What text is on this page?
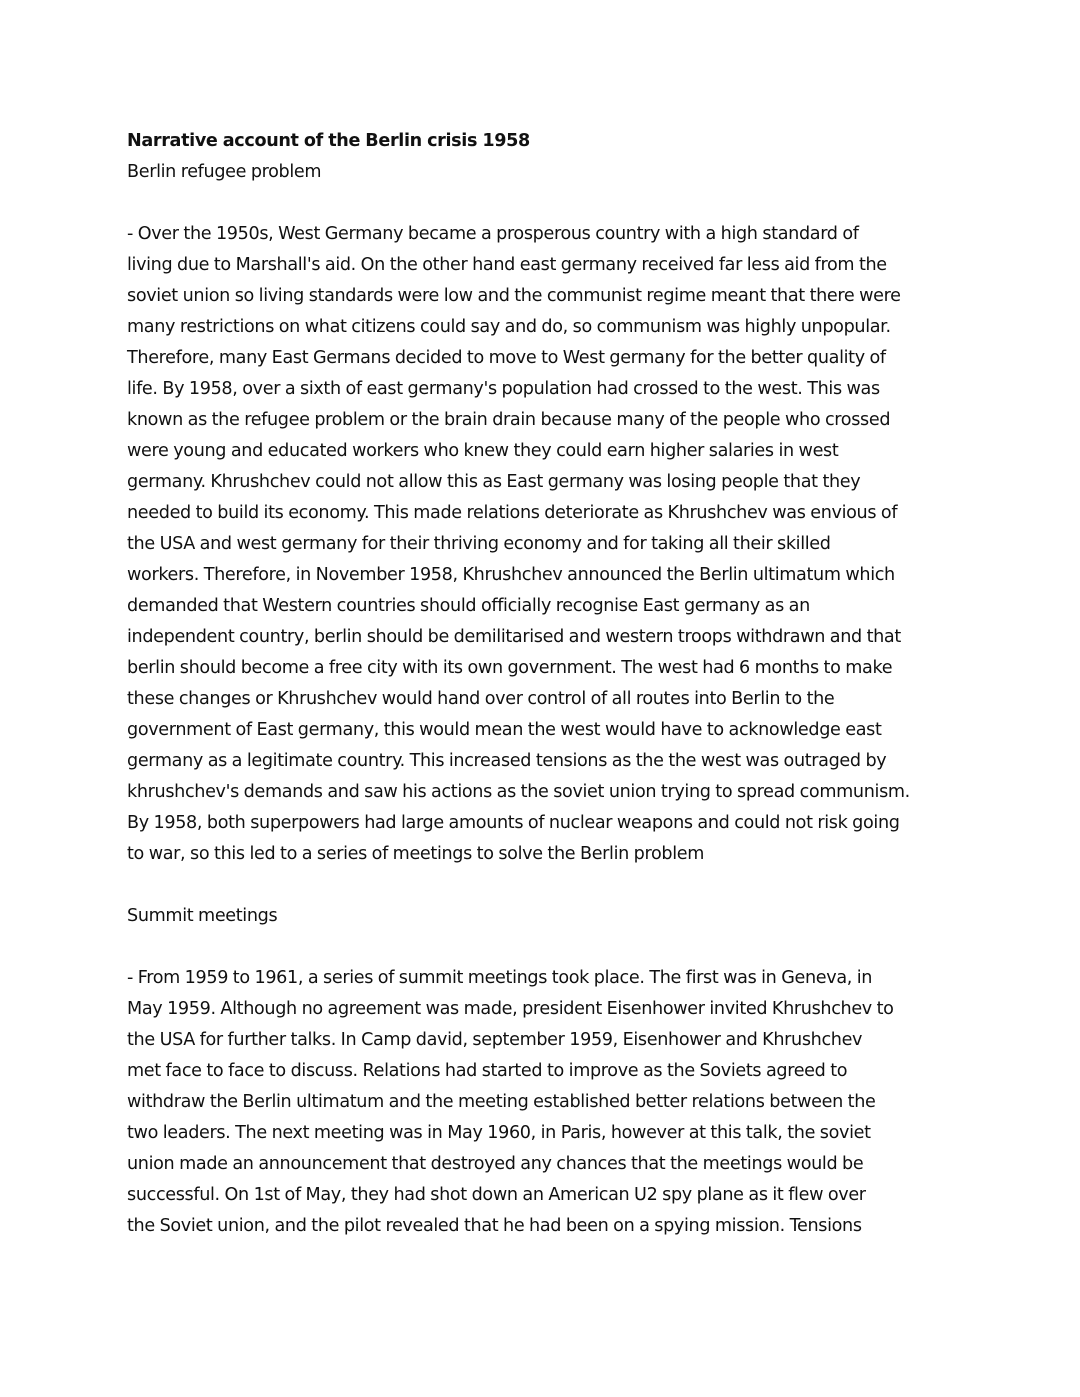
Narrative account of the Berlin crisis 1958
Berlin refugee problem
- Over the 1950s, West Germany became a prosperous country with a high standard of
living due to Marshall's aid. On the other hand east germany received far less aid from the
soviet union so living standards were low and the communist regime meant that there were
many restrictions on what citizens could say and do, so communism was highly unpopular.
Therefore, many East Germans decided to move to West germany for the better quality of
life. By 1958, over a sixth of east germany's population had crossed to the west. This was
known as the refugee problem or the brain drain because many of the people who crossed
were young and educated workers who knew they could earn higher salaries in west
germany. Khrushchev could not allow this as East germany was losing people that they
needed to build its economy. This made relations deteriorate as Khrushchev was envious of
the USA and west germany for their thriving economy and for taking all their skilled
workers. Therefore, in November 1958, Khrushchev announced the Berlin ultimatum which
demanded that Western countries should officially recognise East germany as an
independent country, berlin should be demilitarised and western troops withdrawn and that
berlin should become a free city with its own government. The west had 6 months to make
these changes or Khrushchev would hand over control of all routes into Berlin to the
government of East germany, this would mean the west would have to acknowledge east
germany as a legitimate country. This increased tensions as the the west was outraged by
khrushchev's demands and saw his actions as the soviet union trying to spread communism.
By 1958, both superpowers had large amounts of nuclear weapons and could not risk going
to war, so this led to a series of meetings to solve the Berlin problem
Summit meetings
- From 1959 to 1961, a series of summit meetings took place. The first was in Geneva, in
May 1959. Although no agreement was made, president Eisenhower invited Khrushchev to
the USA for further talks. In Camp david, september 1959, Eisenhower and Khrushchev
met face to face to discuss. Relations had started to improve as the Soviets agreed to
withdraw the Berlin ultimatum and the meeting established better relations between the
two leaders. The next meeting was in May 1960, in Paris, however at this talk, the soviet
union made an announcement that destroyed any chances that the meetings would be
successful. On 1st of May, they had shot down an American U2 spy plane as it flew over
the Soviet union, and the pilot revealed that he had been on a spying mission. Tensions
